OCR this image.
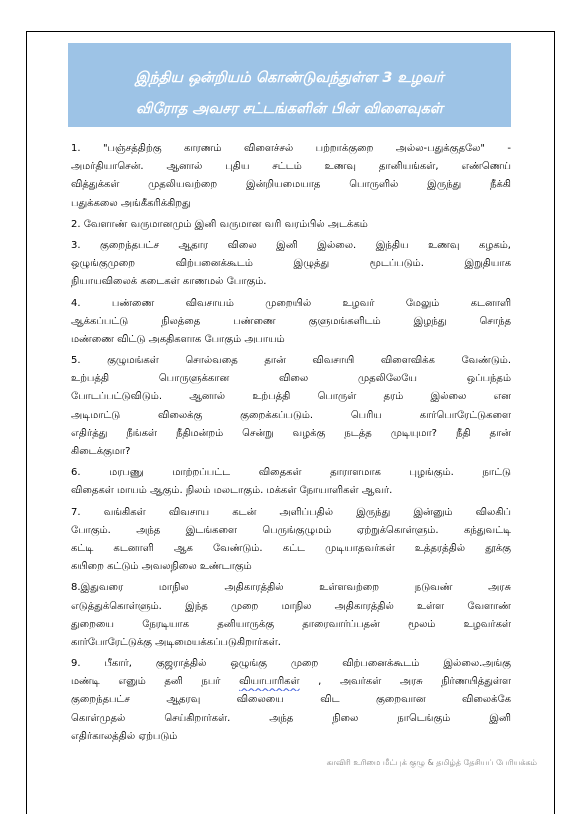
இந்திய ஒன்றியம் கொண்டுவந்துள்ள 3 உழவர்
விரோத அவசர சட்டங்களின் பின் விளைவுகள்
1. "பஞ்சத்திற்கு காரணம் விளைச்சல் பற்றாக்குறை அல்ல-பதுக்குதலே" -
அமர்தியாசென். ஆனால் புதிய சட்டம் உணவு தானியங்கள், எண்ணெய்
வித்துக்கள் முதலியவற்றை இன்றியமையாத பொருளில் இருந்து நீக்கி
பதுக்கலை அங்கீகரிக்கிறது
2. வேளாண் வருமானமும் இனி வருமான வரி வரம்பில் அடக்கம்
3. குறைந்தபட்ச ஆதார விலை இனி இல்லை. இந்திய உணவு கழகம்,
ஒழுங்குமுறை விற்பனைக்கூடம் இழுத்து மூடப்படும். இறுதியாக
நியாயவிலைக் கடைகள் காணமல் போகும்.
4. பண்ணை விவசாயம் முறையில் உழவர் மேலும் கடனாளி
ஆக்கப்பட்டு நிலத்தை பண்ணை குளுமங்களிடம் இழந்து சொந்த
மண்ணை விட்டு அகதிகளாக போகும் அபாயம்
5. குழுமங்கள் சொல்வதை தான் விவசாயி விளைவிக்க வேண்டும்.
உற்பத்தி பொருளுக்கான விலை முதலிலேயே ஒப்பந்தம்
போடப்பட்டுவிடும். ஆனால் உற்பத்தி பொருள் தரம் இல்லை என
அடிமாட்டு விலைக்கு குறைக்கப்படும். பெரிய கார்பொரேட்டுகளை
எதிர்த்து நீங்கள் நீதிமன்றம் சென்று வழக்கு நடத்த முடியுமா? நீதி தான்
கிடைக்குமா?
6. மரபணு மாற்றப்பட்ட விதைகள் தாராளமாக புழங்கும். நாட்டு
விதைகள் மாயம் ஆகும். நிலம் மலடாகும். மக்கள் நோயாளிகள் ஆவர்.
7. வங்கிகள் விவசாய கடன் அளிப்பதில் இருந்து இன்னும் விலகிப்
போகும். அந்த இடங்களை பெருங்குழுமம் ஏற்றுக்கொள்ளும். கந்துவட்டி
கட்டி கடனாளி ஆக வேண்டும். கட்ட முடியாதவர்கள் உத்தரத்தில் தூக்கு
கயிறை கட்டும் அவலநிலை உண்டாகும்
8.இதுவரை மாநில அதிகாரத்தில் உள்ளவற்றை நடுவண் அரசு
எடுத்துக்கொள்ளும். இந்த முறை மாநில அதிகாரத்தில் உள்ள வேளாண்
துறையை நேரடியாக தனியாருக்கு தாரைவார்ப்பதன் மூலம் உழவர்கள்
கார்போரேட்டுக்கு அடிமையக்கப்படுகிறார்கள்.
9. பீகார், குஜராத்தில் ஒழுங்கு முறை விற்பனைக்கூடம் இல்லை.அங்கு
மண்டி எனும் தனி நபர் வியாபாரிகள் , அவர்கள் அரசு நிர்ணயித்துள்ள
குறைந்தபட்ச ஆதரவு விலையை விட குறைவான விலைக்கே
கொள்முதல் செய்கிறார்கள். அந்த நிலை நாடெங்கும் இனி
எதிர்காலத்தில் ஏற்படும்
காவிரி உரிமை மீட்புக் குழு & தமிழ்த் தேசியப் பேரியக்கம்
